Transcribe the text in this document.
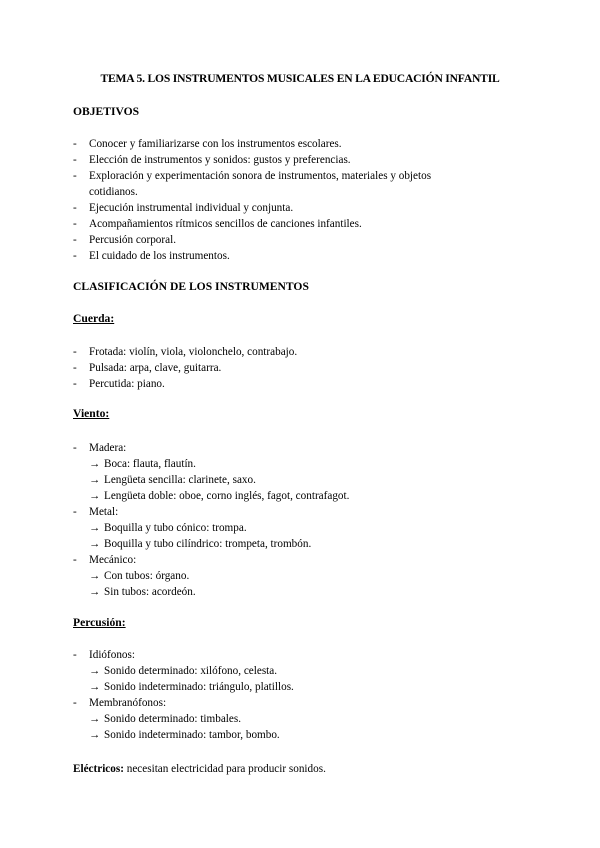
TEMA 5. LOS INSTRUMENTOS MUSICALES EN LA EDUCACIÓN INFANTIL
OBJETIVOS
- Conocer y familiarizarse con los instrumentos escolares.
- Elección de instrumentos y sonidos: gustos y preferencias.
- Exploración y experimentación sonora de instrumentos, materiales y objetos cotidianos.
- Ejecución instrumental individual y conjunta.
- Acompañamientos rítmicos sencillos de canciones infantiles.
- Percusión corporal.
- El cuidado de los instrumentos.
CLASIFICACIÓN DE LOS INSTRUMENTOS
Cuerda:
- Frotada: violín, viola, violonchelo, contrabajo.
- Pulsada: arpa, clave, guitarra.
- Percutida: piano.
Viento:
- Madera:
→ Boca: flauta, flautín.
→ Lengüeta sencilla: clarinete, saxo.
→ Lengüeta doble: oboe, corno inglés, fagot, contrafagot.
- Metal:
→ Boquilla y tubo cónico: trompa.
→ Boquilla y tubo cilíndrico: trompeta, trombón.
- Mecánico:
→ Con tubos: órgano.
→ Sin tubos: acordeón.
Percusión:
- Idiófonos:
→ Sonido determinado: xilófono, celesta.
→ Sonido indeterminado: triángulo, platillos.
- Membranófonos:
→ Sonido determinado: timbales.
→ Sonido indeterminado: tambor, bombo.
Eléctricos: necesitan electricidad para producir sonidos.
